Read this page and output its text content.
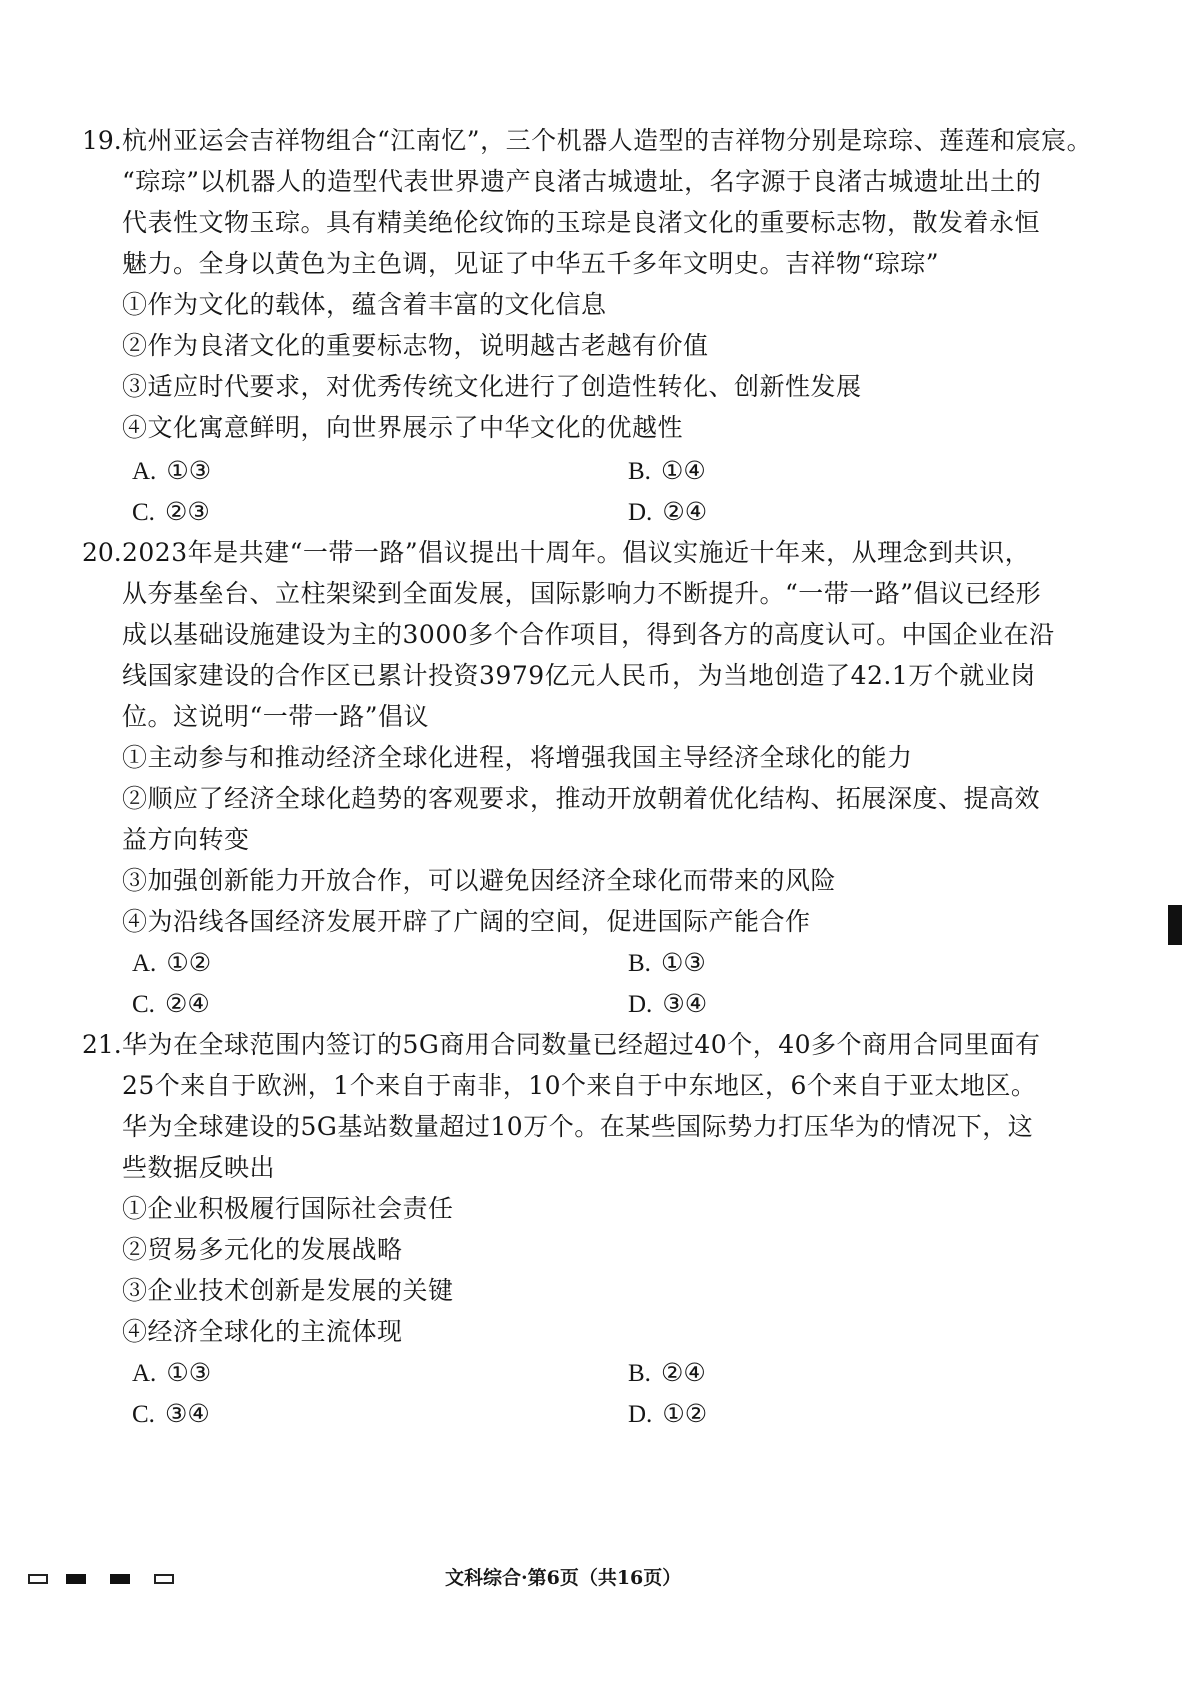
19. 杭州亚运会吉祥物组合“江南忆”，三个机器人造型的吉祥物分别是琮琮、莲莲和宸宸。
“琮琮”以机器人的造型代表世界遗产良渚古城遗址，名字源于良渚古城遗址出土的
代表性文物玉琮。具有精美绝伦纹饰的玉琮是良渚文化的重要标志物，散发着永恒
魅力。全身以黄色为主色调，见证了中华五千多年文明史。吉祥物“琮琮”
①作为文化的载体，蕴含着丰富的文化信息
②作为良渚文化的重要标志物，说明越古老越有价值
③适应时代要求，对优秀传统文化进行了创造性转化、创新性发展
④文化寓意鲜明，向世界展示了中华文化的优越性
A. ①③	B. ①④
C. ②③	D. ②④
20. 2023年是共建“一带一路”倡议提出十周年。倡议实施近十年来，从理念到共识，
从夯基垒台、立柱架梁到全面发展，国际影响力不断提升。“一带一路”倡议已经形
成以基础设施建设为主的3000多个合作项目，得到各方的高度认可。中国企业在沿
线国家建设的合作区已累计投资3979亿元人民币，为当地创造了42.1万个就业岗
位。这说明“一带一路”倡议
①主动参与和推动经济全球化进程，将增强我国主导经济全球化的能力
②顺应了经济全球化趋势的客观要求，推动开放朝着优化结构、拓展深度、提高效
益方向转变
③加强创新能力开放合作，可以避免因经济全球化而带来的风险
④为沿线各国经济发展开辟了广阔的空间，促进国际产能合作
A. ①②	B. ①③
C. ②④	D. ③④
21. 华为在全球范围内签订的5G商用合同数量已经超过40个，40多个商用合同里面有
25个来自于欧洲，1个来自于南非，10个来自于中东地区，6个来自于亚太地区。
华为全球建设的5G基站数量超过10万个。在某些国际势力打压华为的情况下，这
些数据反映出
①企业积极履行国际社会责任
②贸易多元化的发展战略
③企业技术创新是发展的关键
④经济全球化的主流体现
A. ①③	B. ②④
C. ③④	D. ①②
文科综合·第6页（共16页）
